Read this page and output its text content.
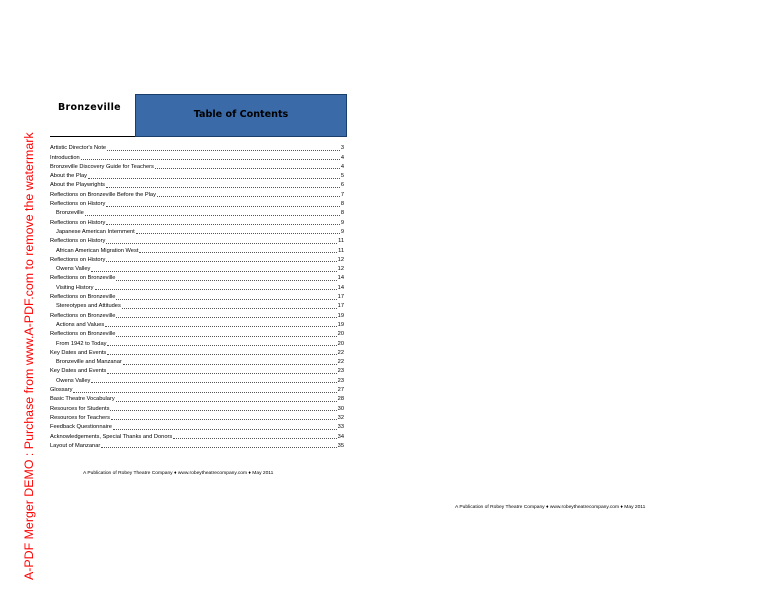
A-PDF Merger DEMO : Purchase from www.A-PDF.com to remove the watermark
Bronzeville
Table of Contents
Artistic Director's Note	3
Introduction	4
Bronzeville Discovery Guide for Teachers	4
About the Play	5
About the Playwrights	6
Reflections on Bronzeville Before the Play	7
Reflections on History	8
Bronzeville	8
Reflections on History	9
Japanese American Internment	9
Reflections on History	11
African American Migration West	11
Reflections on History	12
Owens Valley	12
Reflections on Bronzeville	14
Visiting History	14
Reflections on Bronzeville	17
Stereotypes and Attitudes	17
Reflections on Bronzeville	19
Actions and Values	19
Reflections on Bronzeville	20
From 1942 to Today	20
Key Dates and Events	22
Bronzeville and Manzanar	22
Key Dates and Events	23
Owens Valley	23
Glossary	27
Basic Theatre Vocabulary	28
Resources for Students	30
Resources for Teachers	32
Feedback Questionnaire	33
Acknowledgements, Special Thanks and Donors	34
Layout of Manzanar	35
A Publication of Robey Theatre Company ♦ www.robeytheatrecompany.com ♦ May 2011
A Publication of Robey Theatre Company ♦ www.robeytheatrecompany.com ♦ May 2011
